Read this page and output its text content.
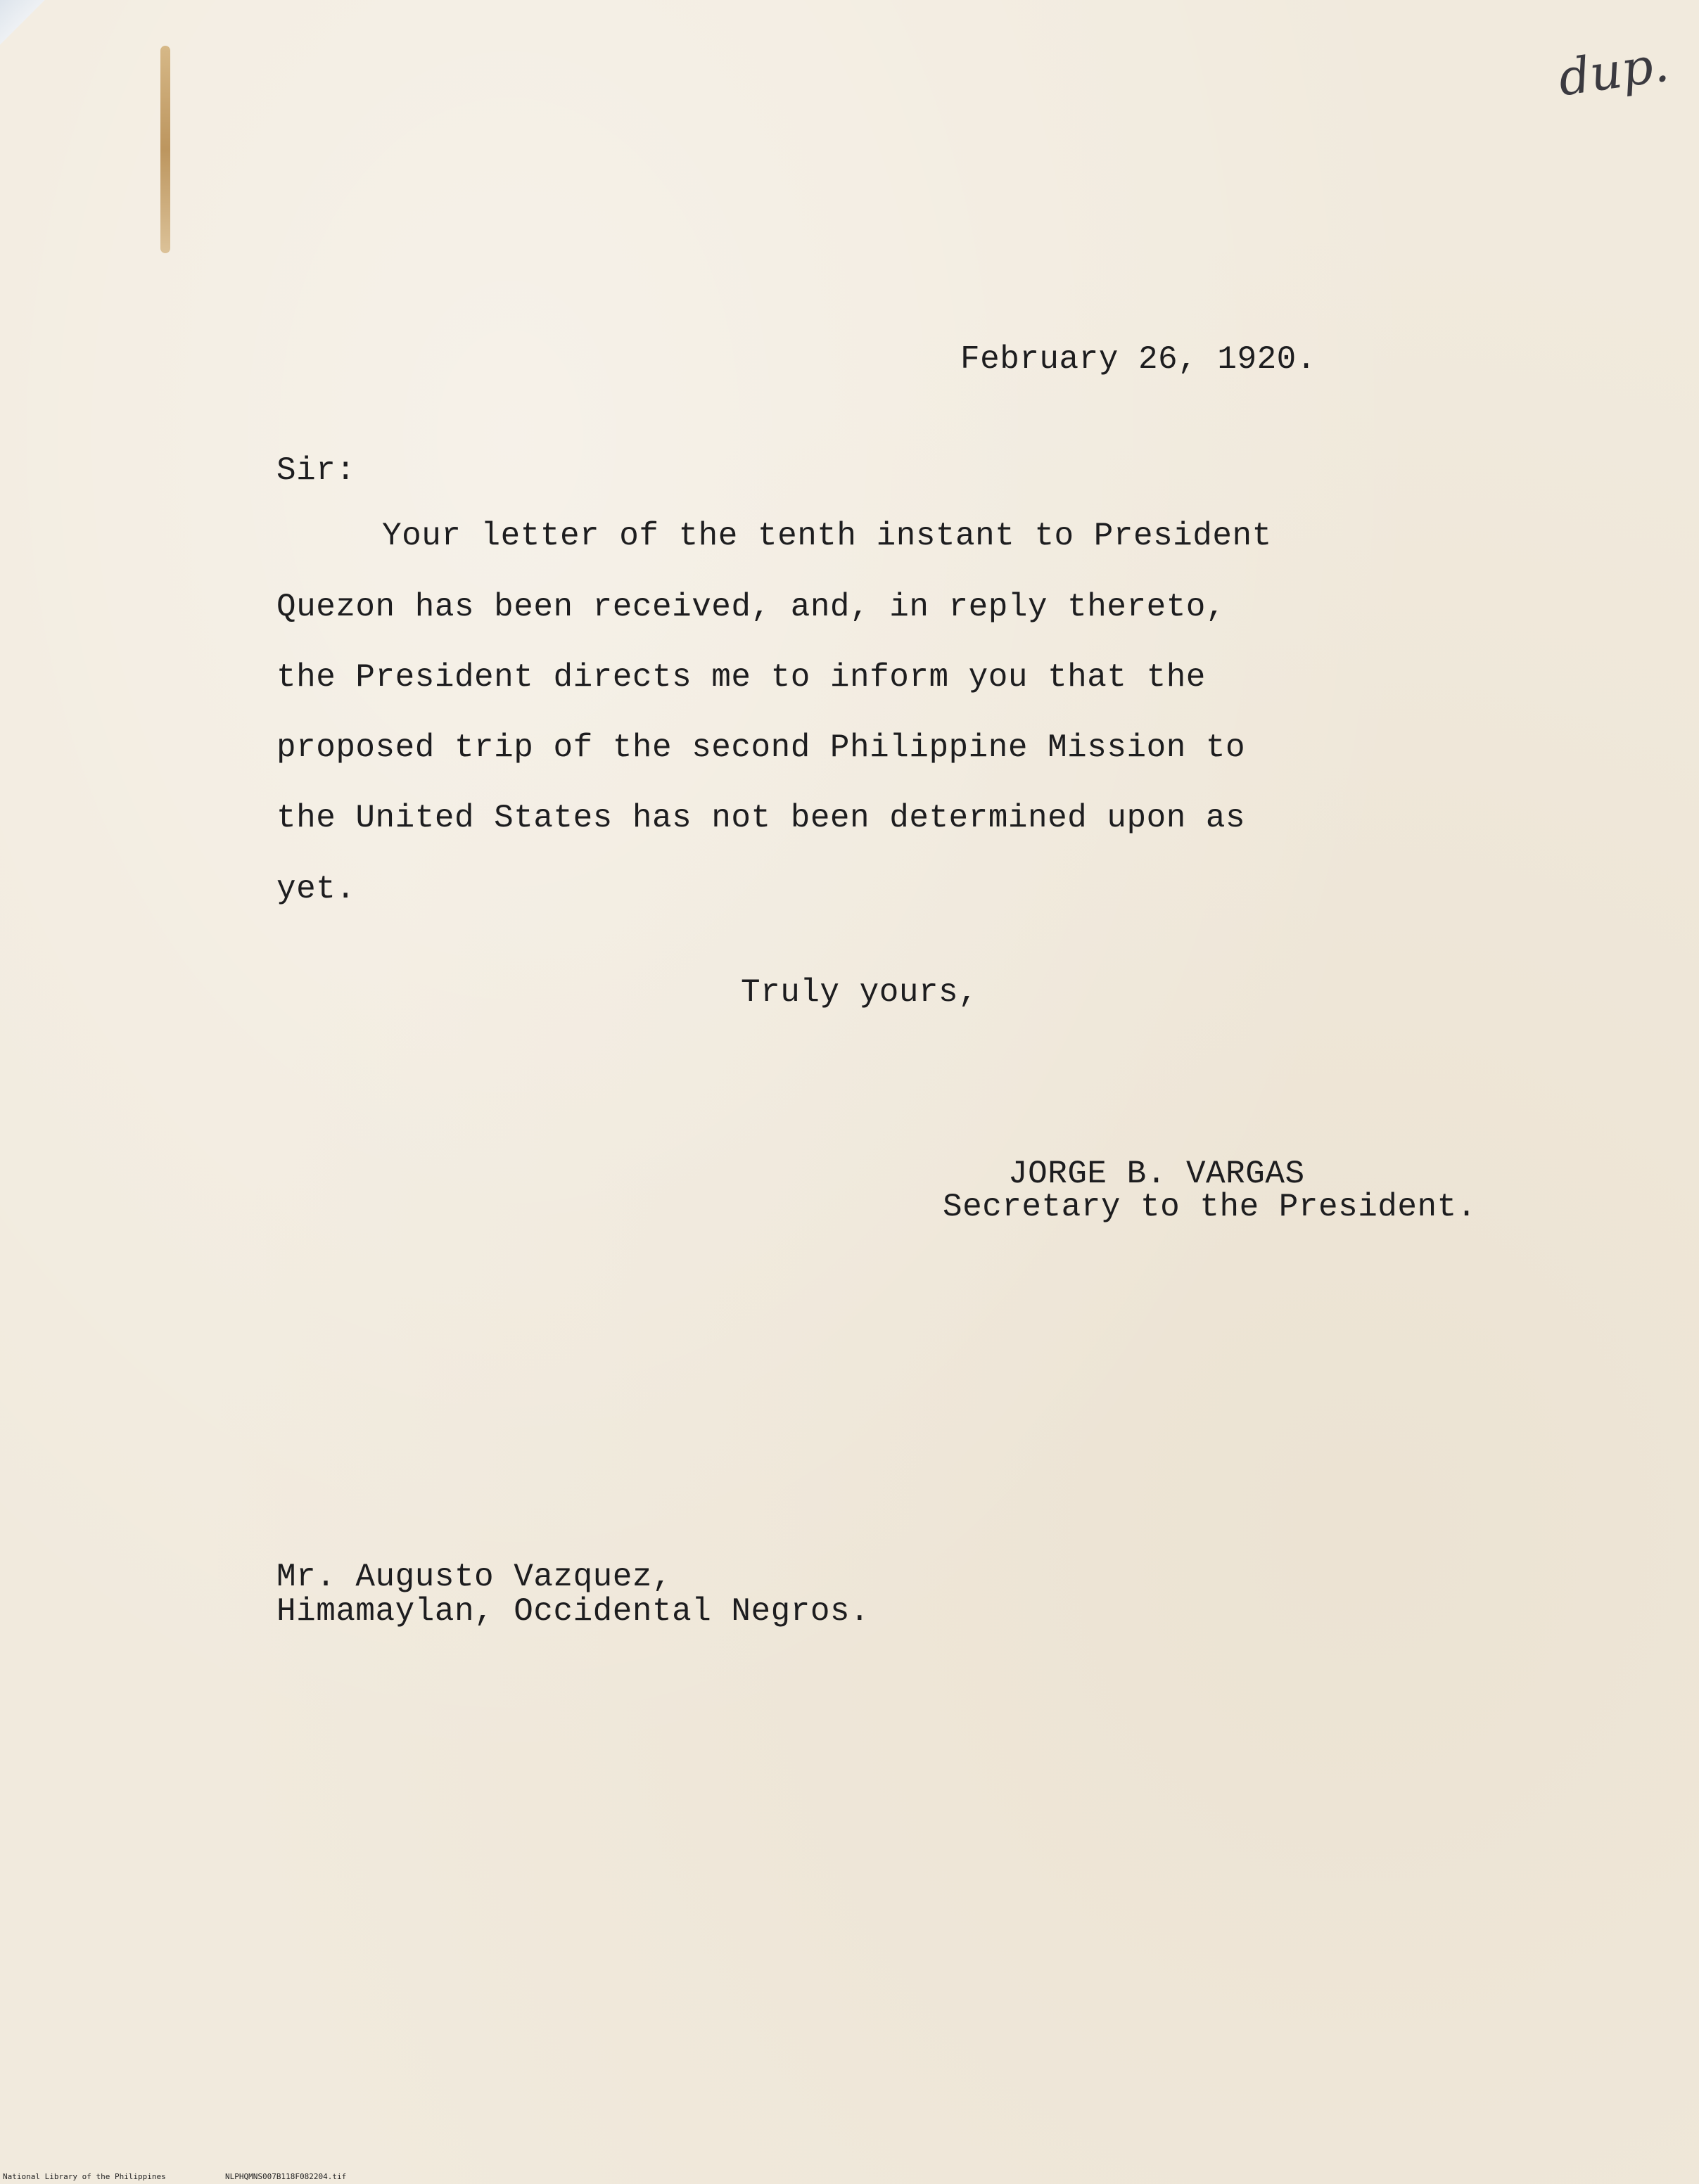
dup.

February 26, 1920.

Sir:

Your letter of the tenth instant to President

Quezon has been received, and, in reply thereto,

the President directs me to inform you that the

proposed trip of the second Philippine Mission to

the United States has not been determined upon as

yet.

Truly yours,

JORGE B. VARGAS

Secretary to the President.

Mr. Augusto Vazquez,

Himamaylan, Occidental Negros.

National Library of the Philippines	NLPHQMNS007B118F082204.tif
